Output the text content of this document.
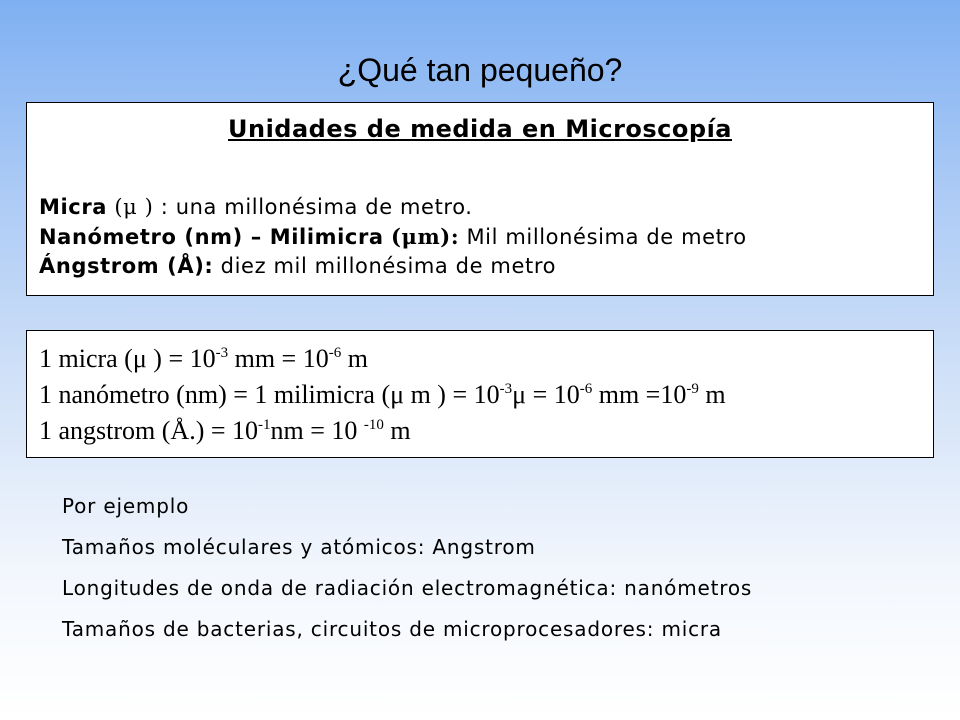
¿Qué tan pequeño?
Unidades de medida en Microscopía
Micra (μ ) : una millonésima de metro.
Nanómetro (nm) – Milimicra (μm): Mil millonésima de metro
Ángstrom (Å): diez mil millonésima de metro
1 micra (μ ) = $10^{-3}$ mm = $10^{-6}$ m
1 nanómetro (nm) = 1 milimicra (μ m ) = $10^{-3}\mu = 10^{-6}$ mm $=10^{-9}$ m
1 angstrom (Å.) = $10^{-1}nm = 10$ $^{-10}$ m
Por ejemplo
Tamaños moléculares y atómicos: Angstrom
Longitudes de onda de radiación electromagnética: nanómetros
Tamaños de bacterias, circuitos de microprocesadores: micra
